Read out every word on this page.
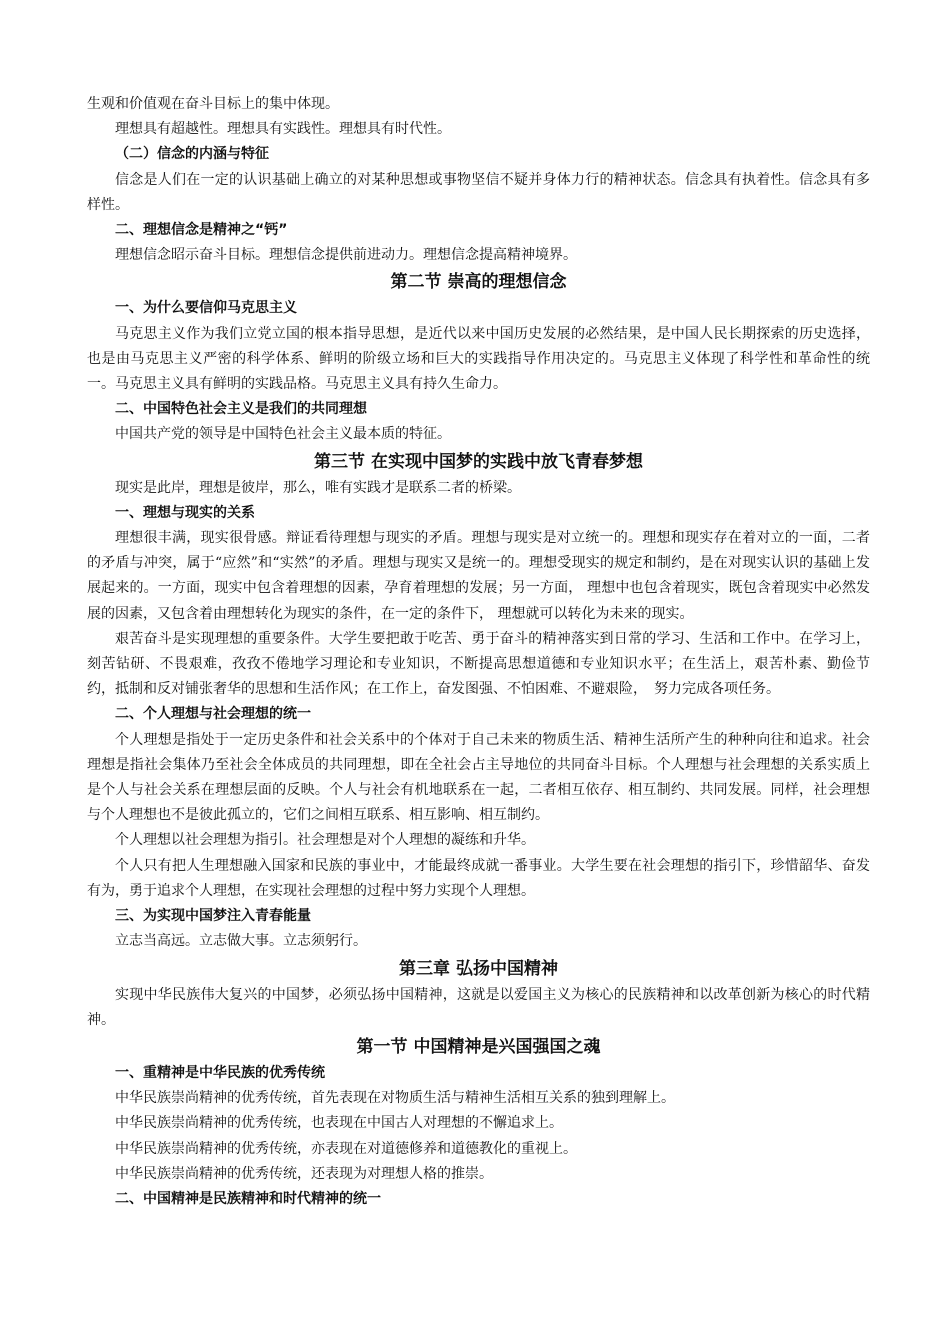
生观和价值观在奋斗目标上的集中体现。
理想具有超越性。理想具有实践性。理想具有时代性。
（二）信念的内涵与特征
信念是人们在一定的认识基础上确立的对某种思想或事物坚信不疑并身体力行的精神状态。信念具有执着性。信念具有多样性。
二、理想信念是精神之“钙”
理想信念昭示奋斗目标。理想信念提供前进动力。理想信念提高精神境界。
第二节 崇高的理想信念
一、为什么要信仰马克思主义
马克思主义作为我们立党立国的根本指导思想，是近代以来中国历史发展的必然结果，是中国人民长期探索的历史选择，也是由马克思主义严密的科学体系、鲜明的阶级立场和巨大的实践指导作用决定的。马克思主义体现了科学性和革命性的统一。马克思主义具有鲜明的实践品格。马克思主义具有持久生命力。
二、中国特色社会主义是我们的共同理想
中国共产党的领导是中国特色社会主义最本质的特征。
第三节 在实现中国梦的实践中放飞青春梦想
现实是此岸，理想是彼岸，那么，唯有实践才是联系二者的桥梁。
一、理想与现实的关系
理想很丰满，现实很骨感。辩证看待理想与现实的矛盾。理想与现实是对立统一的。理想和现实存在着对立的一面，二者的矛盾与冲突，属于“应然”和“实然”的矛盾。理想与现实又是统一的。理想受现实的规定和制约，是在对现实认识的基础上发展起来的。一方面，现实中包含着理想的因素，孕育着理想的发展；另一方面， 理想中也包含着现实，既包含着现实中必然发展的因素，又包含着由理想转化为现实的条件，在一定的条件下， 理想就可以转化为未来的现实。
艰苦奋斗是实现理想的重要条件。大学生要把敢于吃苦、勇于奋斗的精神落实到日常的学习、生活和工作中。在学习上，刻苦钻研、不畏艰难，孜孜不倦地学习理论和专业知识，不断提高思想道德和专业知识水平；在生活上，艰苦朴素、勤俭节约，抵制和反对铺张奢华的思想和生活作风；在工作上，奋发图强、不怕困难、不避艰险，　努力完成各项任务。
二、个人理想与社会理想的统一
个人理想是指处于一定历史条件和社会关系中的个体对于自己未来的物质生活、精神生活所产生的种种向往和追求。社会理想是指社会集体乃至社会全体成员的共同理想，即在全社会占主导地位的共同奋斗目标。个人理想与社会理想的关系实质上是个人与社会关系在理想层面的反映。个人与社会有机地联系在一起，二者相互依存、相互制约、共同发展。同样，社会理想与个人理想也不是彼此孤立的，它们之间相互联系、相互影响、相互制约。
个人理想以社会理想为指引。社会理想是对个人理想的凝练和升华。
个人只有把人生理想融入国家和民族的事业中，才能最终成就一番事业。大学生要在社会理想的指引下，珍惜韶华、奋发有为，勇于追求个人理想，在实现社会理想的过程中努力实现个人理想。
三、为实现中国梦注入青春能量
立志当高远。立志做大事。立志须躬行。
第三章 弘扬中国精神
实现中华民族伟大复兴的中国梦，必须弘扬中国精神，这就是以爱国主义为核心的民族精神和以改革创新为核心的时代精神。
第一节 中国精神是兴国强国之魂
一、重精神是中华民族的优秀传统
中华民族崇尚精神的优秀传统，首先表现在对物质生活与精神生活相互关系的独到理解上。
中华民族崇尚精神的优秀传统，也表现在中国古人对理想的不懈追求上。
中华民族崇尚精神的优秀传统，亦表现在对道德修养和道德教化的重视上。
中华民族崇尚精神的优秀传统，还表现为对理想人格的推崇。
二、中国精神是民族精神和时代精神的统一
